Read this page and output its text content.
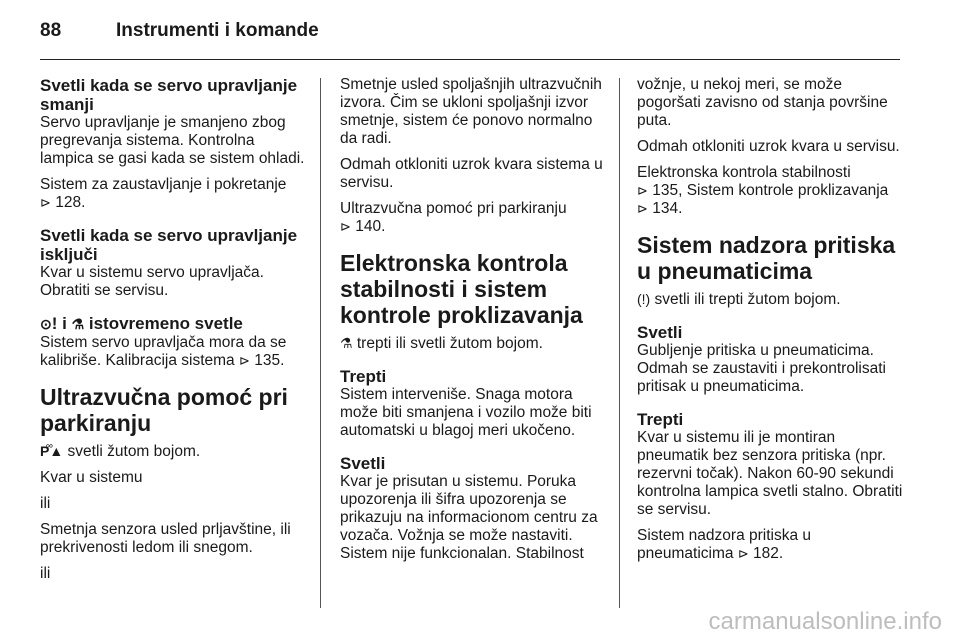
88	Instrumenti i komande
Svetli kada se servo upravljanje smanji

Servo upravljanje je smanjeno zbog pregrevanja sistema. Kontrolna lampica se gasi kada se sistem ohladi.

Sistem za zaustavljanje i pokretanje
⊳ 128.

Svetli kada se servo upravljanje isključi

Kvar u sistemu servo upravljača. Obratiti se servisu.

⊙! i ⚗ istovremeno svetle

Sistem servo upravljača mora da se kalibriše. Kalibracija sistema ⊳ 135.

Ultrazvučna pomoć pri parkiranju

P᪲▲ svetli žutom bojom.

Kvar u sistemu

ili

Smetnja senzora usled prljavštine, ili prekrivenosti ledom ili snegom.

ili

Smetnje usled spoljašnjih ultrazvučnih izvora. Čim se ukloni spoljašnji izvor smetnje, sistem će ponovo normalno da radi.

Odmah otkloniti uzrok kvara sistema u servisu.

Ultrazvučna pomoć pri parkiranju
⊳ 140.

Elektronska kontrola stabilnosti i sistem kontrole proklizavanja

⚗ trepti ili svetli žutom bojom.

Trepti

Sistem interveniše. Snaga motora može biti smanjena i vozilo može biti automatski u blagoj meri ukočeno.

Svetli

Kvar je prisutan u sistemu. Poruka upozorenja ili šifra upozorenja se prikazuju na informacionom centru za vozača. Vožnja se može nastaviti. Sistem nije funkcionalan. Stabilnost

vožnje, u nekoj meri, se može pogoršati zavisno od stanja površine puta.

Odmah otkloniti uzrok kvara u servisu.

Elektronska kontrola stabilnosti
⊳ 135, Sistem kontrole proklizavanja
⊳ 134.

Sistem nadzora pritiska u pneumaticima

(!) svetli ili trepti žutom bojom.

Svetli

Gubljenje pritiska u pneumaticima. Odmah se zaustaviti i prekontrolisati pritisak u pneumaticima.

Trepti

Kvar u sistemu ili je montiran pneumatik bez senzora pritiska (npr. rezervni točak). Nakon 60-90 sekundi kontrolna lampica svetli stalno. Obratiti se servisu.

Sistem nadzora pritiska u pneumaticima ⊳ 182.

carmanualsonline.info
